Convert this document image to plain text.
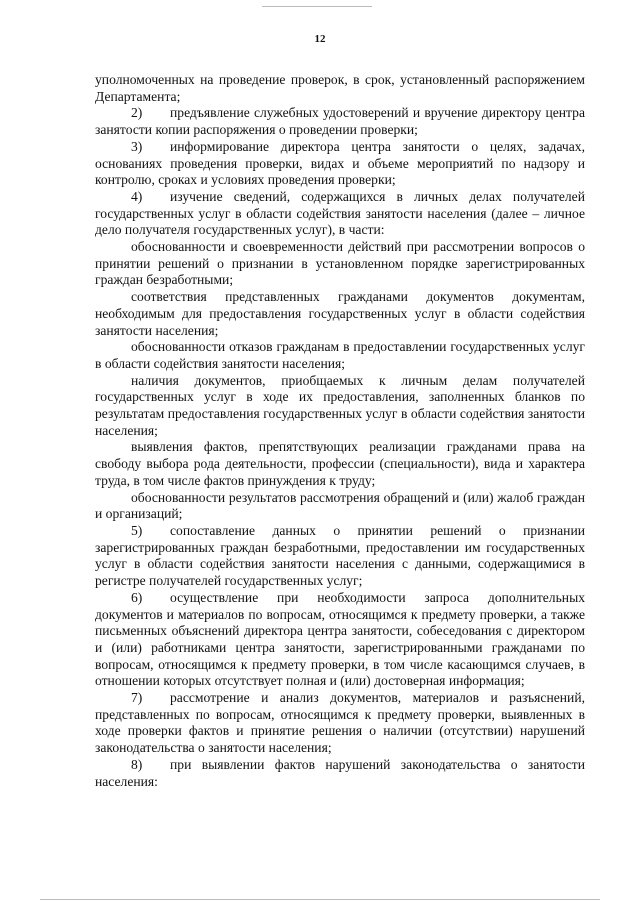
12

уполномоченных на проведение проверок, в срок, установленный распоряжением Департамента;

2) предъявление служебных удостоверений и вручение директору центра занятости копии распоряжения о проведении проверки;

3) информирование директора центра занятости о целях, задачах, основаниях проведения проверки, видах и объеме мероприятий по надзору и контролю, сроках и условиях проведения проверки;

4) изучение сведений, содержащихся в личных делах получателей государственных услуг в области содействия занятости населения (далее – личное дело получателя государственных услуг), в части:

обоснованности и своевременности действий при рассмотрении вопросов о принятии решений о признании в установленном порядке зарегистрированных граждан безработными;

соответствия представленных гражданами документов документам, необходимым для предоставления государственных услуг в области содействия занятости населения;

обоснованности отказов гражданам в предоставлении государственных услуг в области содействия занятости населения;

наличия документов, приобщаемых к личным делам получателей государственных услуг в ходе их предоставления, заполненных бланков по результатам предоставления государственных услуг в области содействия занятости населения;

выявления фактов, препятствующих реализации гражданами права на свободу выбора рода деятельности, профессии (специальности), вида и характера труда, в том числе фактов принуждения к труду;

обоснованности результатов рассмотрения обращений и (или) жалоб граждан и организаций;

5) сопоставление данных о принятии решений о признании зарегистрированных граждан безработными, предоставлении им государственных услуг в области содействия занятости населения с данными, содержащимися в регистре получателей государственных услуг;

6) осуществление при необходимости запроса дополнительных документов и материалов по вопросам, относящимся к предмету проверки, а также письменных объяснений директора центра занятости, собеседования с директором и (или) работниками центра занятости, зарегистрированными гражданами по вопросам, относящимся к предмету проверки, в том числе касающимся случаев, в отношении которых отсутствует полная и (или) достоверная информация;

7) рассмотрение и анализ документов, материалов и разъяснений, представленных по вопросам, относящимся к предмету проверки, выявленных в ходе проверки фактов и принятие решения о наличии (отсутствии) нарушений законодательства о занятости населения;

8) при выявлении фактов нарушений законодательства о занятости населения:
